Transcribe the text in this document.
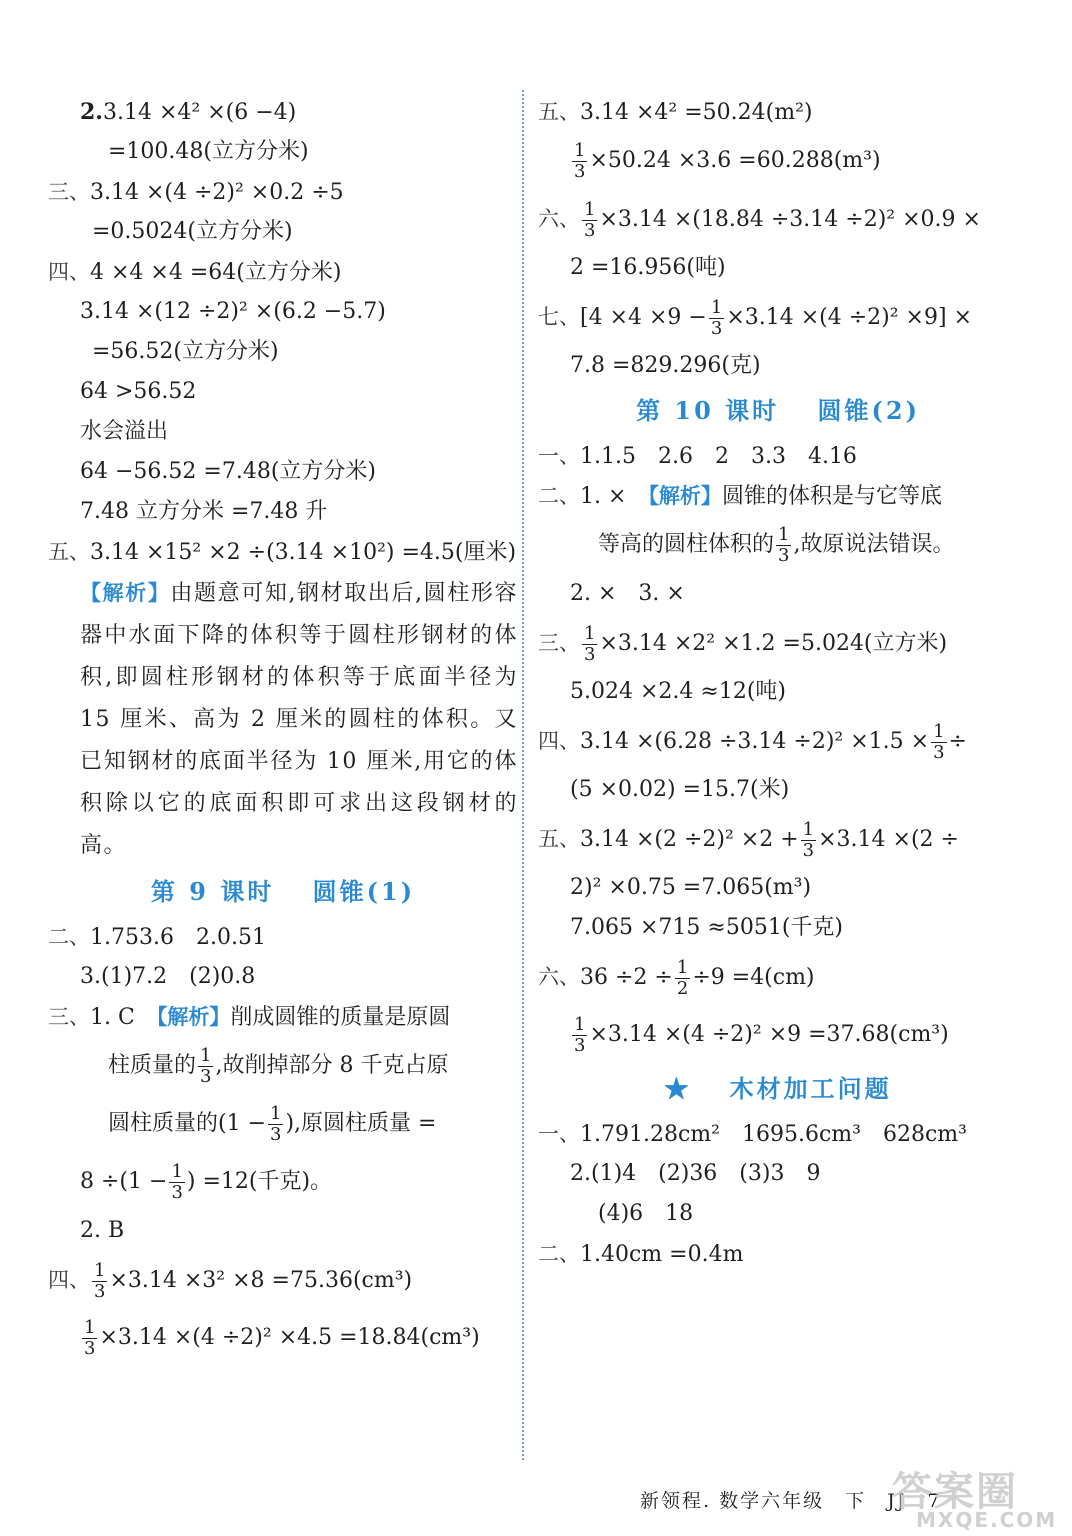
2.3.14 ×4² ×(6 −4)
=100.48(立方分米)
三、3.14 ×(4 ÷2)² ×0.2 ÷5
=0.5024(立方分米)
四、4 ×4 ×4 =64(立方分米)
3.14 ×(12 ÷2)² ×(6.2 −5.7)
=56.52(立方分米)
64 >56.52
水会溢出
64 −56.52 =7.48(立方分米)
7.48 立方分米 =7.48 升
五、3.14 ×15² ×2 ÷(3.14 ×10²) =4.5(厘米)
【解析】由题意可知,钢材取出后,圆柱形容器中水面下降的体积等于圆柱形钢材的体积,即圆柱形钢材的体积等于底面半径为 15 厘米、高为 2 厘米的圆柱的体积。又已知钢材的底面半径为 10 厘米,用它的体积除以它的底面积即可求出这段钢材的高。
第 9 课时　 圆锥(1)
二、1.753.6　2.0.51
3.(1)7.2　(2)0.8
三、1. C　 【解析】削成圆锥的质量是原圆
柱质量的 $\frac{1}{3}$ ,故削掉部分 8 千克占原
圆柱质量的($1 - \frac{1}{3}$ ),原圆柱质量 =
$8 \div(1 - \frac{1}{3}$ ) =12(千克)。
2. B
四、 $\frac{1}{3} \times 3.14 \times 3^2 \times 8 =75.36(cm^3)$
$\frac{1}{3} \times 3.14 \times(4 \div 2)^2 \times 4.5 =18.84(cm^3)$
五、3.14 ×4² =50.24(m²)
$\frac{1}{3} \times 50.24 \times 3.6 =60.288(m^3)$
六、 $\frac{1}{3} \times 3.14 \times(18.84 \div 3.14 \div 2)^2 \times 0.9$ ×
2 =16.956(吨)
七、$[4 \times 4 \times 9 - \frac{1}{3} \times 3.14 \times(4 \div 2)^2 \times 9]$ ×
7.8 =829.296(克)
第 10 课时　 圆锥(2)
一、1.1.5　2.6　2　3.3　4.16
二、1. ×　 【解析】圆锥的体积是与它等底
等高的圆柱体积的 $\frac{1}{3}$ ,故原说法错误。
2. ×　3. ×
三、 $\frac{1}{3} \times 3.14 \times 2^2 \times 1.2 =5.024$(立方米)
5.024 ×2.4 ≈12(吨)
四、$3.14 \times(6.28 \div 3.14 \div 2)^2 \times 1.5 \times \frac{1}{3}$ ÷
(5 ×0.02) =15.7(米)
五、$3.14 \times(2 \div 2)^2 \times 2 + \frac{1}{3} \times 3.14 \times(2$ ÷
2)² ×0.75 =7.065(m³)
7.065 ×715 ≈5051(千克)
六、$36 \div 2 \div \frac{1}{2} \div 9 =4(cm)$
$\frac{1}{3} \times 3.14 \times(4 \div 2)^2 \times 9 =37.68(cm^3)$
★　 木材加工问题
一、1.791.28cm²　1695.6cm³　628cm³
2.(1)4　(2)36　(3)3　9
(4)6　18
二、1.40cm =0.4m
新领程. 数学六年级　下　JJ　7
答案圈
MXQE.COM
